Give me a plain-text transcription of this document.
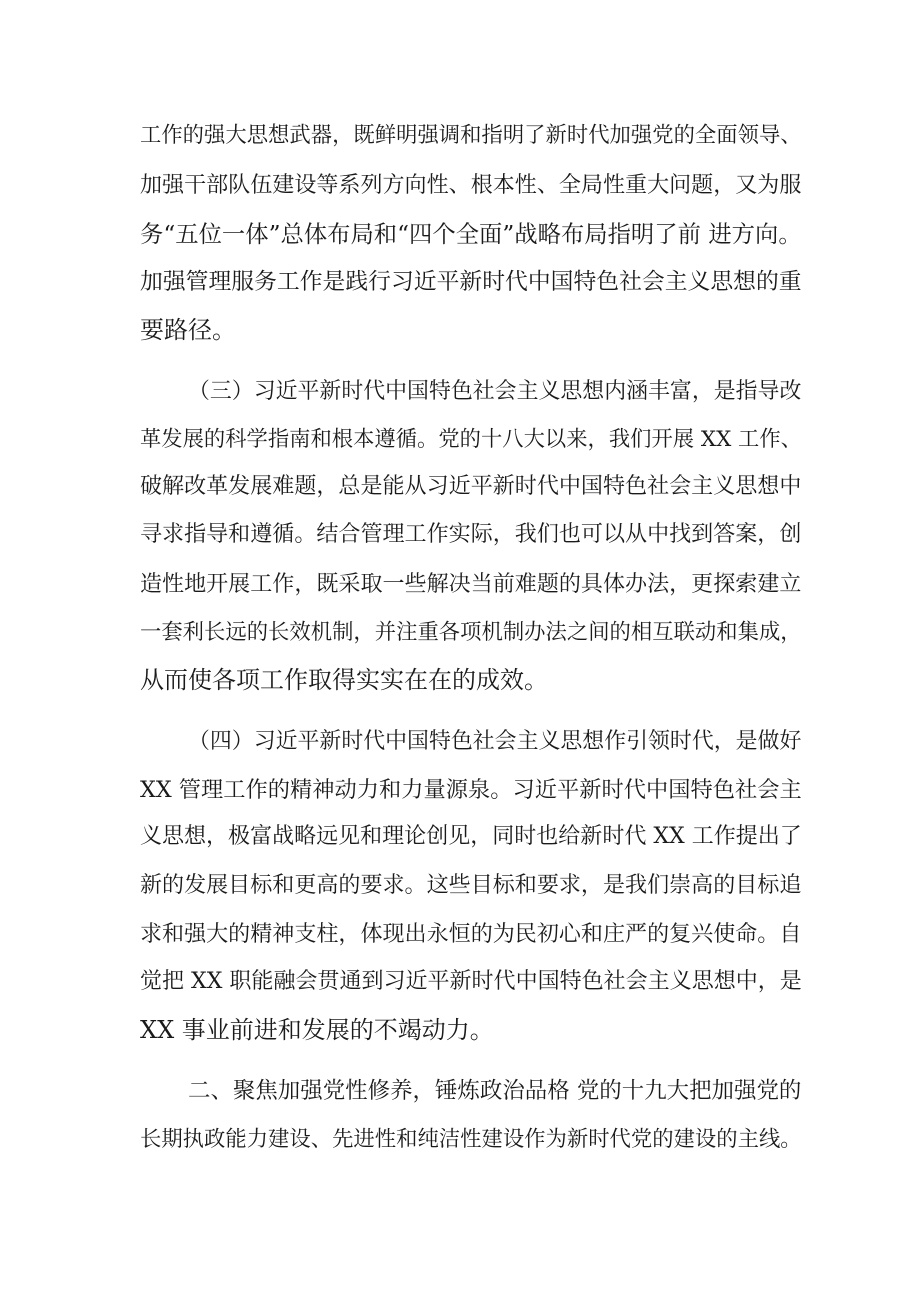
工作的强大思想武器，既鲜明强调和指明了新时代加强党的全面领导、
加强干部队伍建设等系列方向性、根本性、全局性重大问题，又为服
务“五位一体”总体布局和“四个全面”战略布局指明了前 进方向。
加强管理服务工作是践行习近平新时代中国特色社会主义思想的重
要路径。
（三）习近平新时代中国特色社会主义思想内涵丰富，是指导改
革发展的科学指南和根本遵循。党的十八大以来，我们开展 XX 工作、
破解改革发展难题，总是能从习近平新时代中国特色社会主义思想中
寻求指导和遵循。结合管理工作实际，我们也可以从中找到答案，创
造性地开展工作，既采取一些解决当前难题的具体办法，更探索建立
一套利长远的长效机制，并注重各项机制办法之间的相互联动和集成，
从而使各项工作取得实实在在的成效。
（四）习近平新时代中国特色社会主义思想作引领时代，是做好
XX 管理工作的精神动力和力量源泉。习近平新时代中国特色社会主
义思想，极富战略远见和理论创见，同时也给新时代 XX 工作提出了
新的发展目标和更高的要求。这些目标和要求，是我们崇高的目标追
求和强大的精神支柱，体现出永恒的为民初心和庄严的复兴使命。自
觉把 XX 职能融会贯通到习近平新时代中国特色社会主义思想中，是
XX 事业前进和发展的不竭动力。
二、聚焦加强党性修养，锤炼政治品格 党的十九大把加强党的
长期执政能力建设、先进性和纯洁性建设作为新时代党的建设的主线。
